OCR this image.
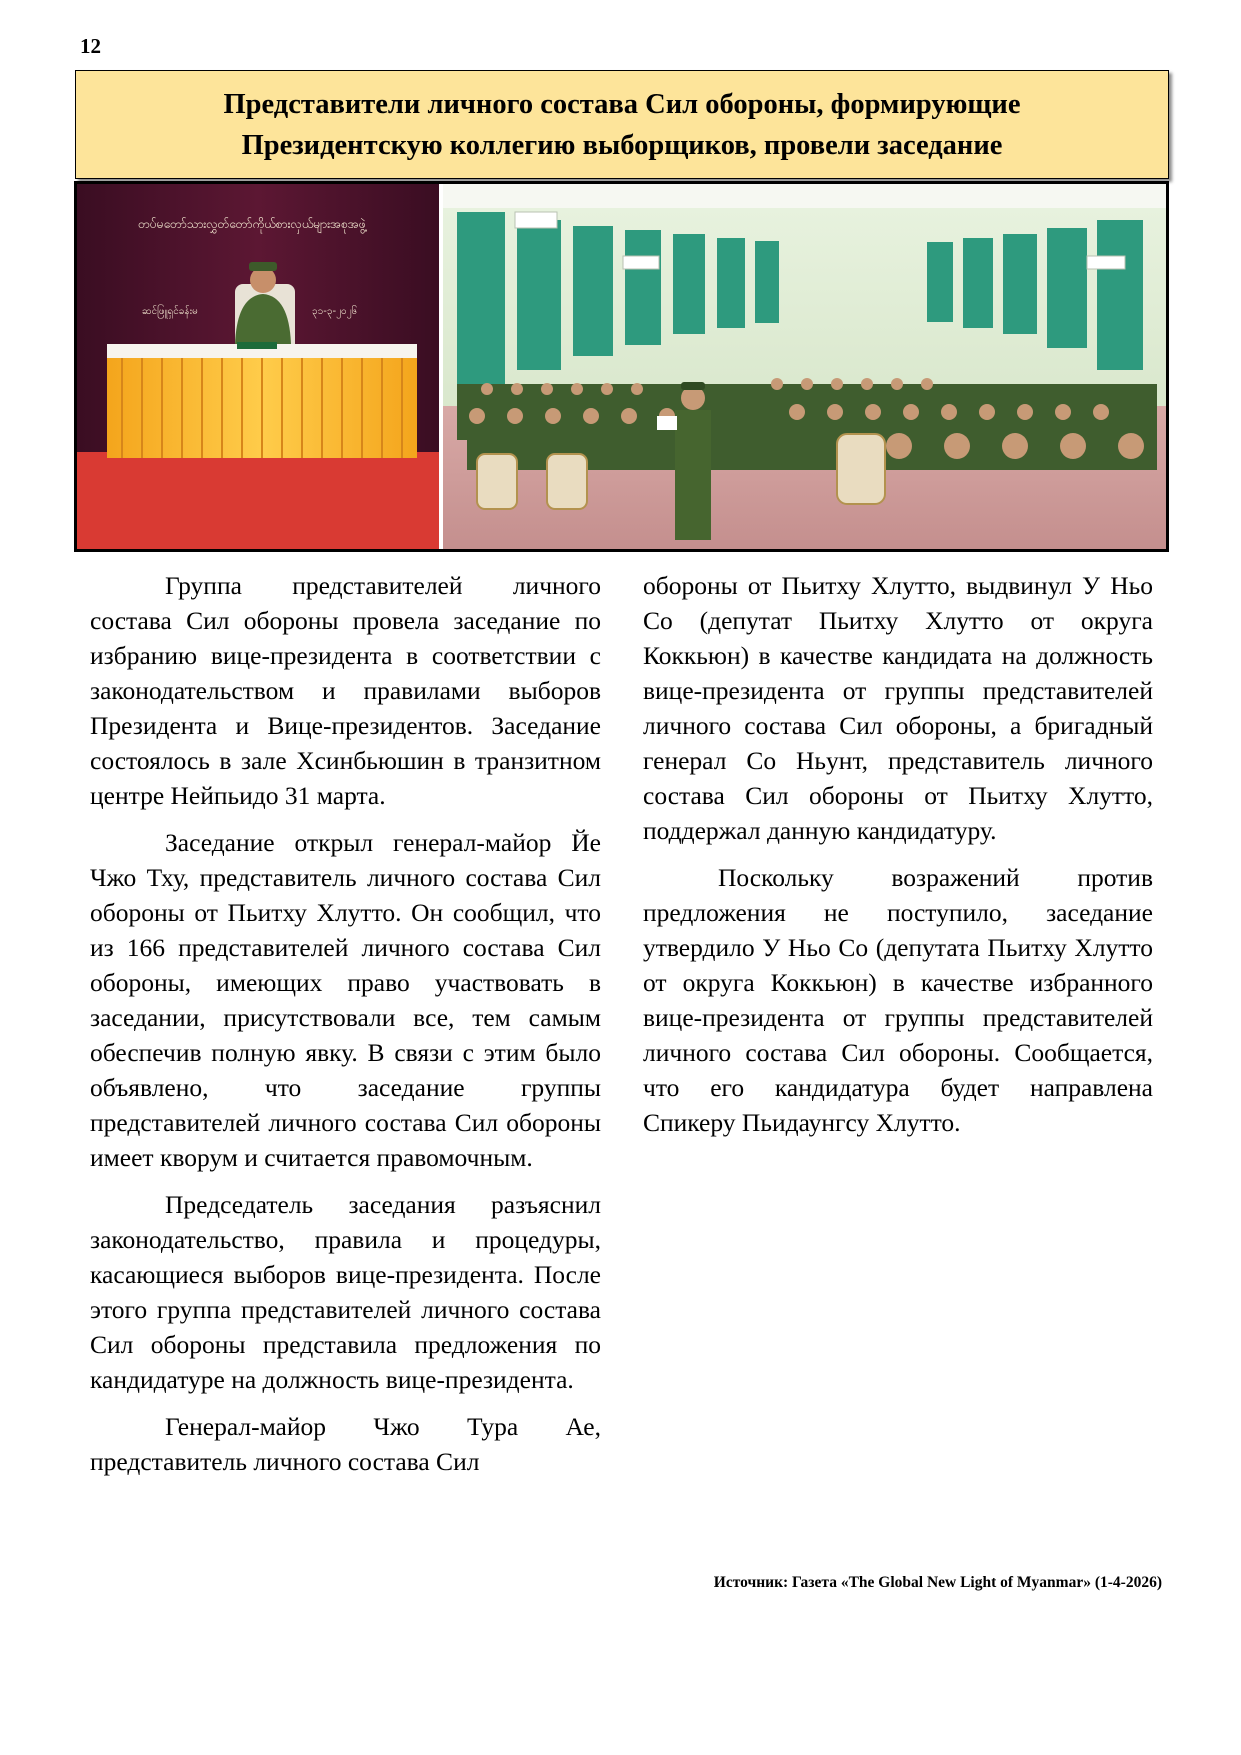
12
Представители личного состава Сил обороны, формирующие
Президентскую коллегию выборщиков, провели заседание
တပ်မတော်သားလွှတ်တော်ကိုယ်စားလှယ်များအစုအဖွဲ့
ဆင်ဖြူရှင်ခန်းမ	၃၁-၃-၂၀၂၆

Группа представителей личного состава Сил обороны провела заседание по избранию вице-президента в соответствии с законодательством и правилами выборов Президента и Вице-президентов. Заседание состоялось в зале Хсинбьюшин в транзитном центре Нейпьидо 31 марта.

Заседание открыл генерал-майор Йе Чжо Тху, представитель личного состава Сил обороны от Пьитху Хлутто. Он сообщил, что из 166 представителей личного состава Сил обороны, имеющих право участвовать в заседании, присутствовали все, тем самым обеспечив полную явку. В связи с этим было объявлено, что заседание группы представителей личного состава Сил обороны имеет кворум и считается правомочным.

Председатель заседания разъяснил законодательство, правила и процедуры, касающиеся выборов вице-президента. После этого группа представителей личного состава Сил обороны представила предложения по кандидатуре на должность вице-президента.

Генерал-майор Чжо Тура Ае, представитель личного состава Сил

обороны от Пьитху Хлутто, выдвинул У Ньо Со (депутат Пьитху Хлутто от округа Коккьюн) в качестве кандидата на должность вице-президента от группы представителей личного состава Сил обороны, а бригадный генерал Со Ньунт, представитель личного состава Сил обороны от Пьитху Хлутто, поддержал данную кандидатуру.

Поскольку возражений против предложения не поступило, заседание утвердило У Ньо Со (депутата Пьитху Хлутто от округа Коккьюн) в качестве избранного вице-президента от группы представителей личного состава Сил обороны. Сообщается, что его кандидатура будет направлена Спикеру Пьидаунгсу Хлутто.

Источник: Газета «The Global New Light of Myanmar» (1-4-2026)
